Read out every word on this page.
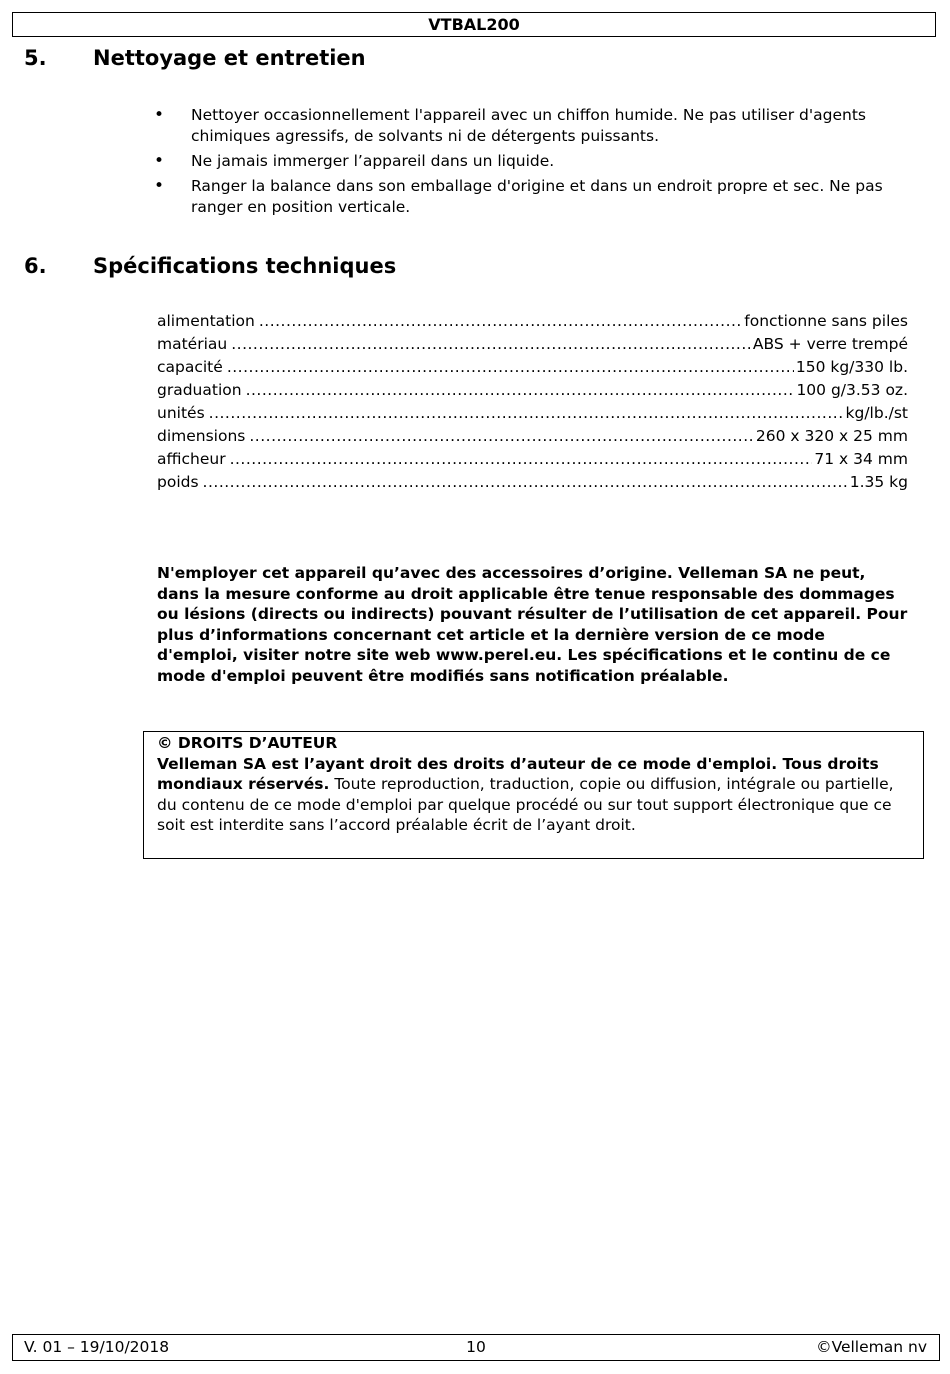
VTBAL200
5. Nettoyage et entretien
• Nettoyer occasionnellement l'appareil avec un chiffon humide. Ne pas utiliser d'agents chimiques agressifs, de solvants ni de détergents puissants.
• Ne jamais immerger l’appareil dans un liquide.
• Ranger la balance dans son emballage d'origine et dans un endroit propre et sec. Ne pas ranger en position verticale.
6. Spécifications techniques
alimentation .....	fonctionne sans piles
matériau .....	ABS + verre trempé
capacité .....	150 kg/330 lb.
graduation .....	100 g/3.53 oz.
unités .....	kg/lb./st
dimensions .....	260 x 320 x 25 mm
afficheur .....	71 x 34 mm
poids .....	1.35 kg

N'employer cet appareil qu’avec des accessoires d’origine. Velleman SA ne peut, dans la mesure conforme au droit applicable être tenue responsable des dommages ou lésions (directs ou indirects) pouvant résulter de l’utilisation de cet appareil. Pour plus d’informations concernant cet article et la dernière version de ce mode d'emploi, visiter notre site web www.perel.eu. Les spécifications et le continu de ce mode d'emploi peuvent être modifiés sans notification préalable.

© DROITS D’AUTEUR
Velleman SA est l’ayant droit des droits d’auteur de ce mode d'emploi. Tous droits mondiaux réservés. Toute reproduction, traduction, copie ou diffusion, intégrale ou partielle, du contenu de ce mode d'emploi par quelque procédé ou sur tout support électronique que ce soit est interdite sans l’accord préalable écrit de l’ayant droit.
V. 01 – 19/10/2018	10	©Velleman nv
